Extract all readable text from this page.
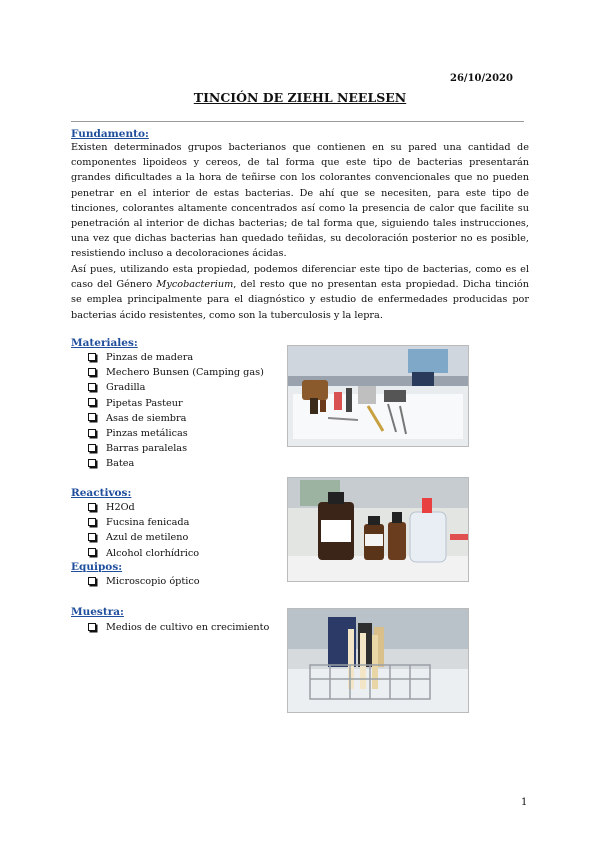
26/10/2020
TINCIÓN DE ZIEHL NEELSEN
Fundamento:
Existen determinados grupos bacterianos que contienen en su pared una cantidad de componentes lipoideos y cereos, de tal forma que este tipo de bacterias presentarán grandes dificultades a la hora de teñirse con los colorantes convencionales que no pueden penetrar en el interior de estas bacterias. De ahí que se necesiten, para este tipo de tinciones, colorantes altamente concentrados así como la presencia de calor que facilite su penetración al interior de dichas bacterias; de tal forma que, siguiendo tales instrucciones, una vez que dichas bacterias han quedado teñidas, su decoloración posterior no es posible, resistiendo incluso a decoloraciones ácidas.
Así pues, utilizando esta propiedad, podemos diferenciar este tipo de bacterias, como es el caso del Género Mycobacterium, del resto que no presentan esta propiedad. Dicha tinción se emplea principalmente para el diagnóstico y estudio de enfermedades producidas por bacterias ácido resistentes, como son la tuberculosis y la lepra.
Materiales:
Pinzas de madera
Mechero Bunsen (Camping gas)
Gradilla
Pipetas Pasteur
Asas de siembra
Pinzas metálicas
Barras paralelas
Batea
Reactivos:
H2Od
Fucsina fenicada
Azul de metileno
Alcohol clorhídrico
Equipos:
Microscopio óptico
Muestra:
Medios de cultivo en crecimiento
1
